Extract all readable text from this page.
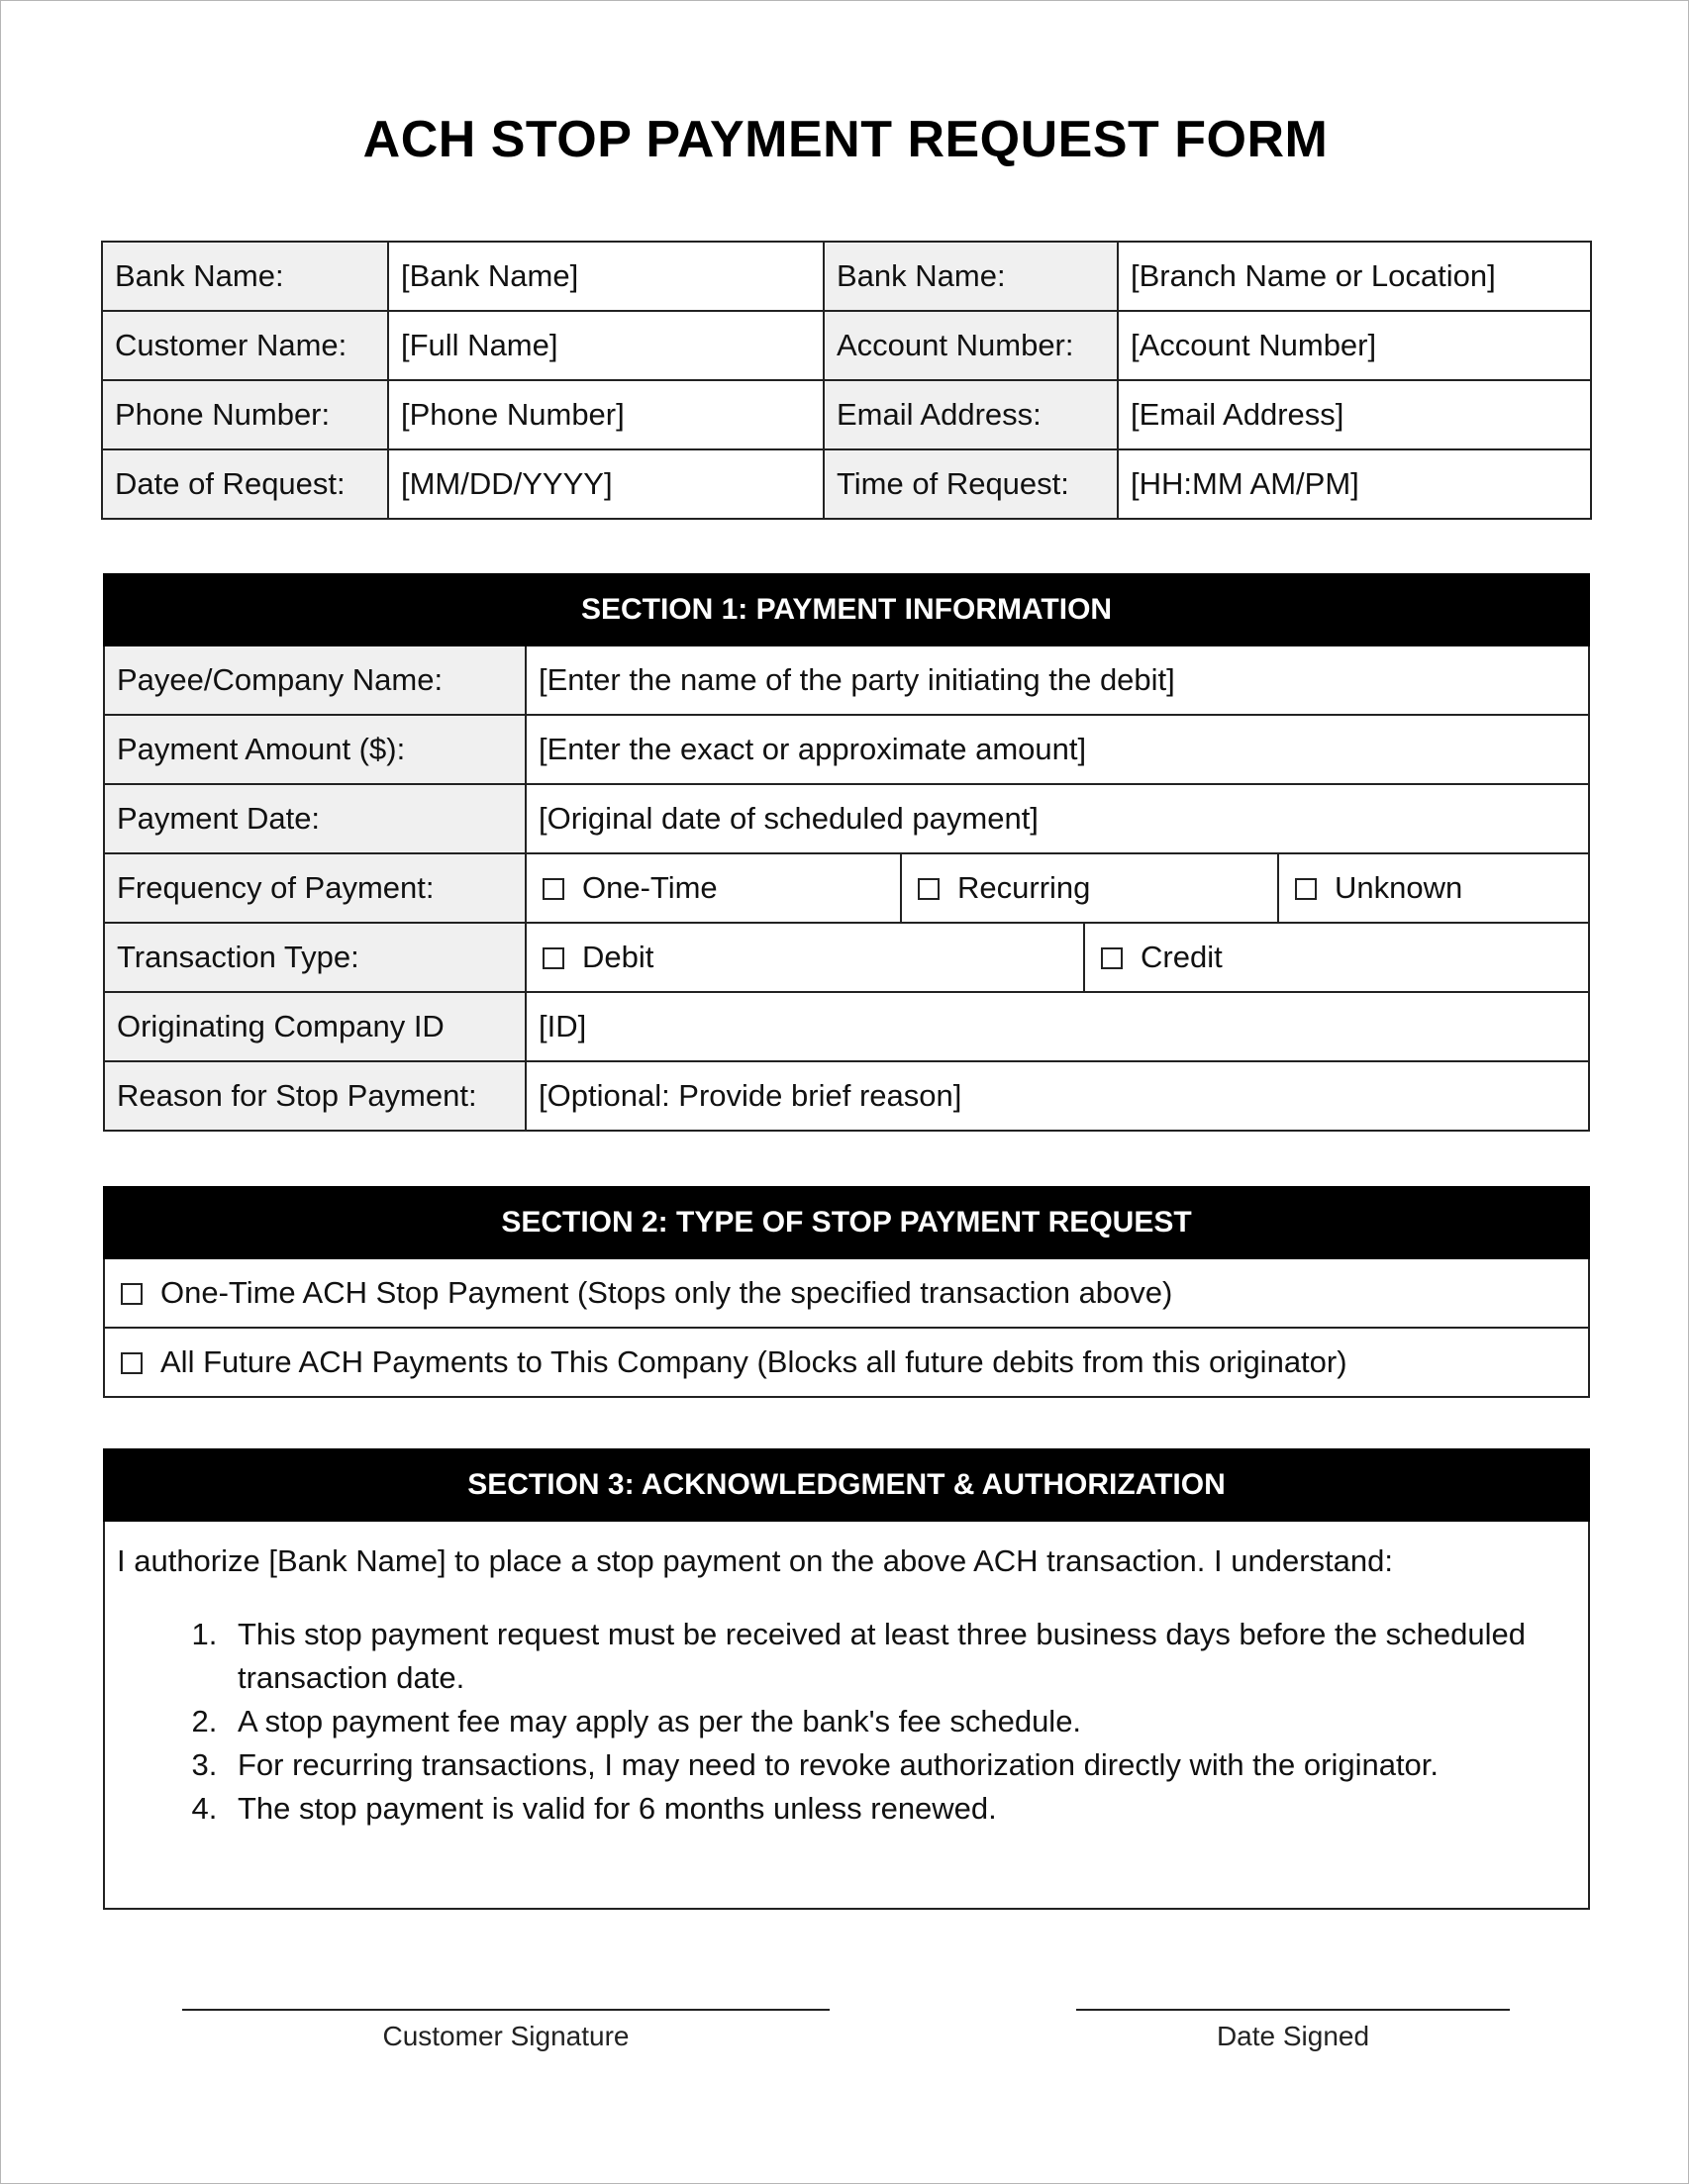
ACH STOP PAYMENT REQUEST FORM
Bank Name:	[Bank Name]	Bank Name:	[Branch Name or Location]
Customer Name:	[Full Name]	Account Number:	[Account Number]
Phone Number:	[Phone Number]	Email Address:	[Email Address]
Date of Request:	[MM/DD/YYYY]	Time of Request:	[HH:MM AM/PM]
SECTION 1: PAYMENT INFORMATION				
Payee/Company Name:	[Enter the name of the party initiating the debit]			
Payment Amount ($):	[Enter the exact or approximate amount]			
Payment Date:	[Original date of scheduled payment]			
Frequency of Payment:	One-Time	Recurring		Unknown
Transaction Type:	Debit		Credit	
Originating Company ID	[ID]			
Reason for Stop Payment:	[Optional: Provide brief reason]			
SECTION 2: TYPE OF STOP PAYMENT REQUEST
One-Time ACH Stop Payment (Stops only the specified transaction above)
All Future ACH Payments to This Company (Blocks all future debits from this originator)
SECTION 3: ACKNOWLEDGMENT & AUTHORIZATION

I authorize [Bank Name] to place a stop payment on the above ACH transaction. I understand:
1. This stop payment request must be received at least three business days before the scheduled transaction date.
2. A stop payment fee may apply as per the bank's fee schedule.
3. For recurring transactions, I may need to revoke authorization directly with the originator.
4. The stop payment is valid for 6 months unless renewed.
Customer Signature	Date Signed
